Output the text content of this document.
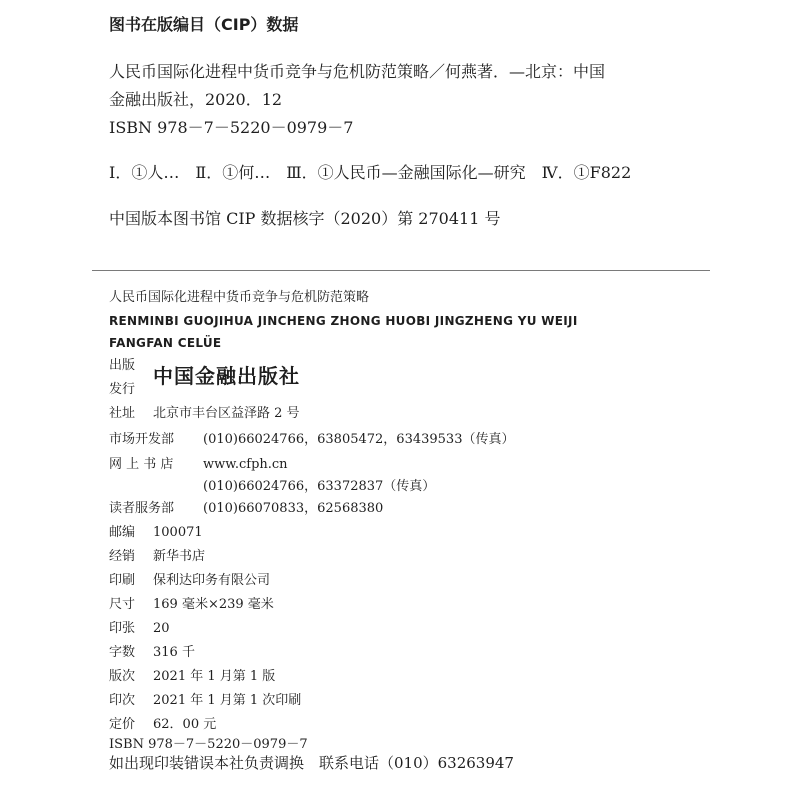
图书在版编目（CIP）数据
人民币国际化进程中货币竞争与危机防范策略／何燕著．—北京：中国
金融出版社，2020．12
ISBN 978－7－5220－0979－7
Ⅰ．①人…　Ⅱ．①何…　Ⅲ．①人民币—金融国际化—研究　Ⅳ．①F822
中国版本图书馆 CIP 数据核字（2020）第 270411 号
人民币国际化进程中货币竞争与危机防范策略
RENMINBI GUOJIHUA JINCHENG ZHONG HUOBI JINGZHENG YU WEIJI
FANGFAN CELÜE
出版
发行
中国金融出版社
社址 北京市丰台区益泽路 2 号
市场开发部 (010)66024766，63805472，63439533（传真）
网 上 书 店 www.cfph.cn
(010)66024766，63372837（传真）
读者服务部 (010)66070833，62568380
邮编 100071
经销 新华书店
印刷 保利达印务有限公司
尺寸 169 毫米×239 毫米
印张 20
字数 316 千
版次 2021 年 1 月第 1 版
印次 2021 年 1 月第 1 次印刷
定价 62．00 元
ISBN 978－7－5220－0979－7
如出现印装错误本社负责调换　联系电话（010）63263947
